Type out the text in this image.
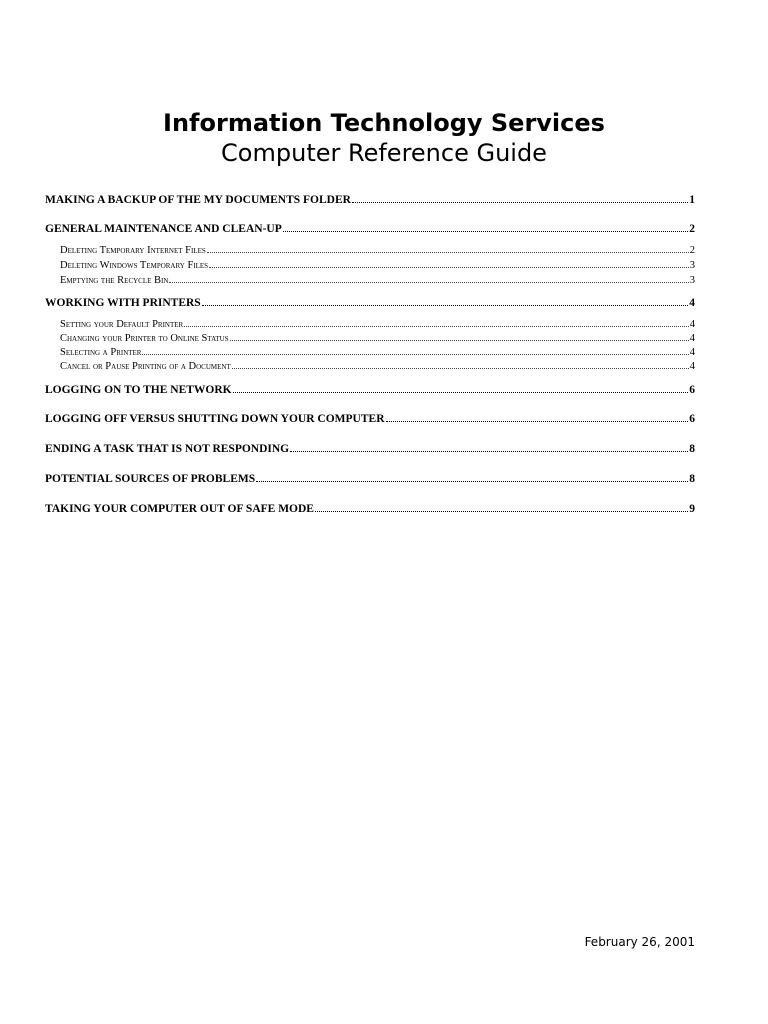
Information Technology Services
Computer Reference Guide
MAKING A BACKUP OF THE MY DOCUMENTS FOLDER	1
GENERAL MAINTENANCE AND CLEAN-UP	2
Deleting Temporary Internet Files	2
Deleting Windows Temporary Files	3
Emptying the Recycle Bin	3
WORKING WITH PRINTERS	4
Setting your Default Printer	4
Changing your Printer to Online Status	4
Selecting a Printer	4
Cancel or Pause Printing of a Document	4
LOGGING ON TO THE NETWORK	6
LOGGING OFF VERSUS SHUTTING DOWN YOUR COMPUTER	6
ENDING A TASK THAT IS NOT RESPONDING	8
POTENTIAL SOURCES OF PROBLEMS	8
TAKING YOUR COMPUTER OUT OF SAFE MODE	9
February 26, 2001
